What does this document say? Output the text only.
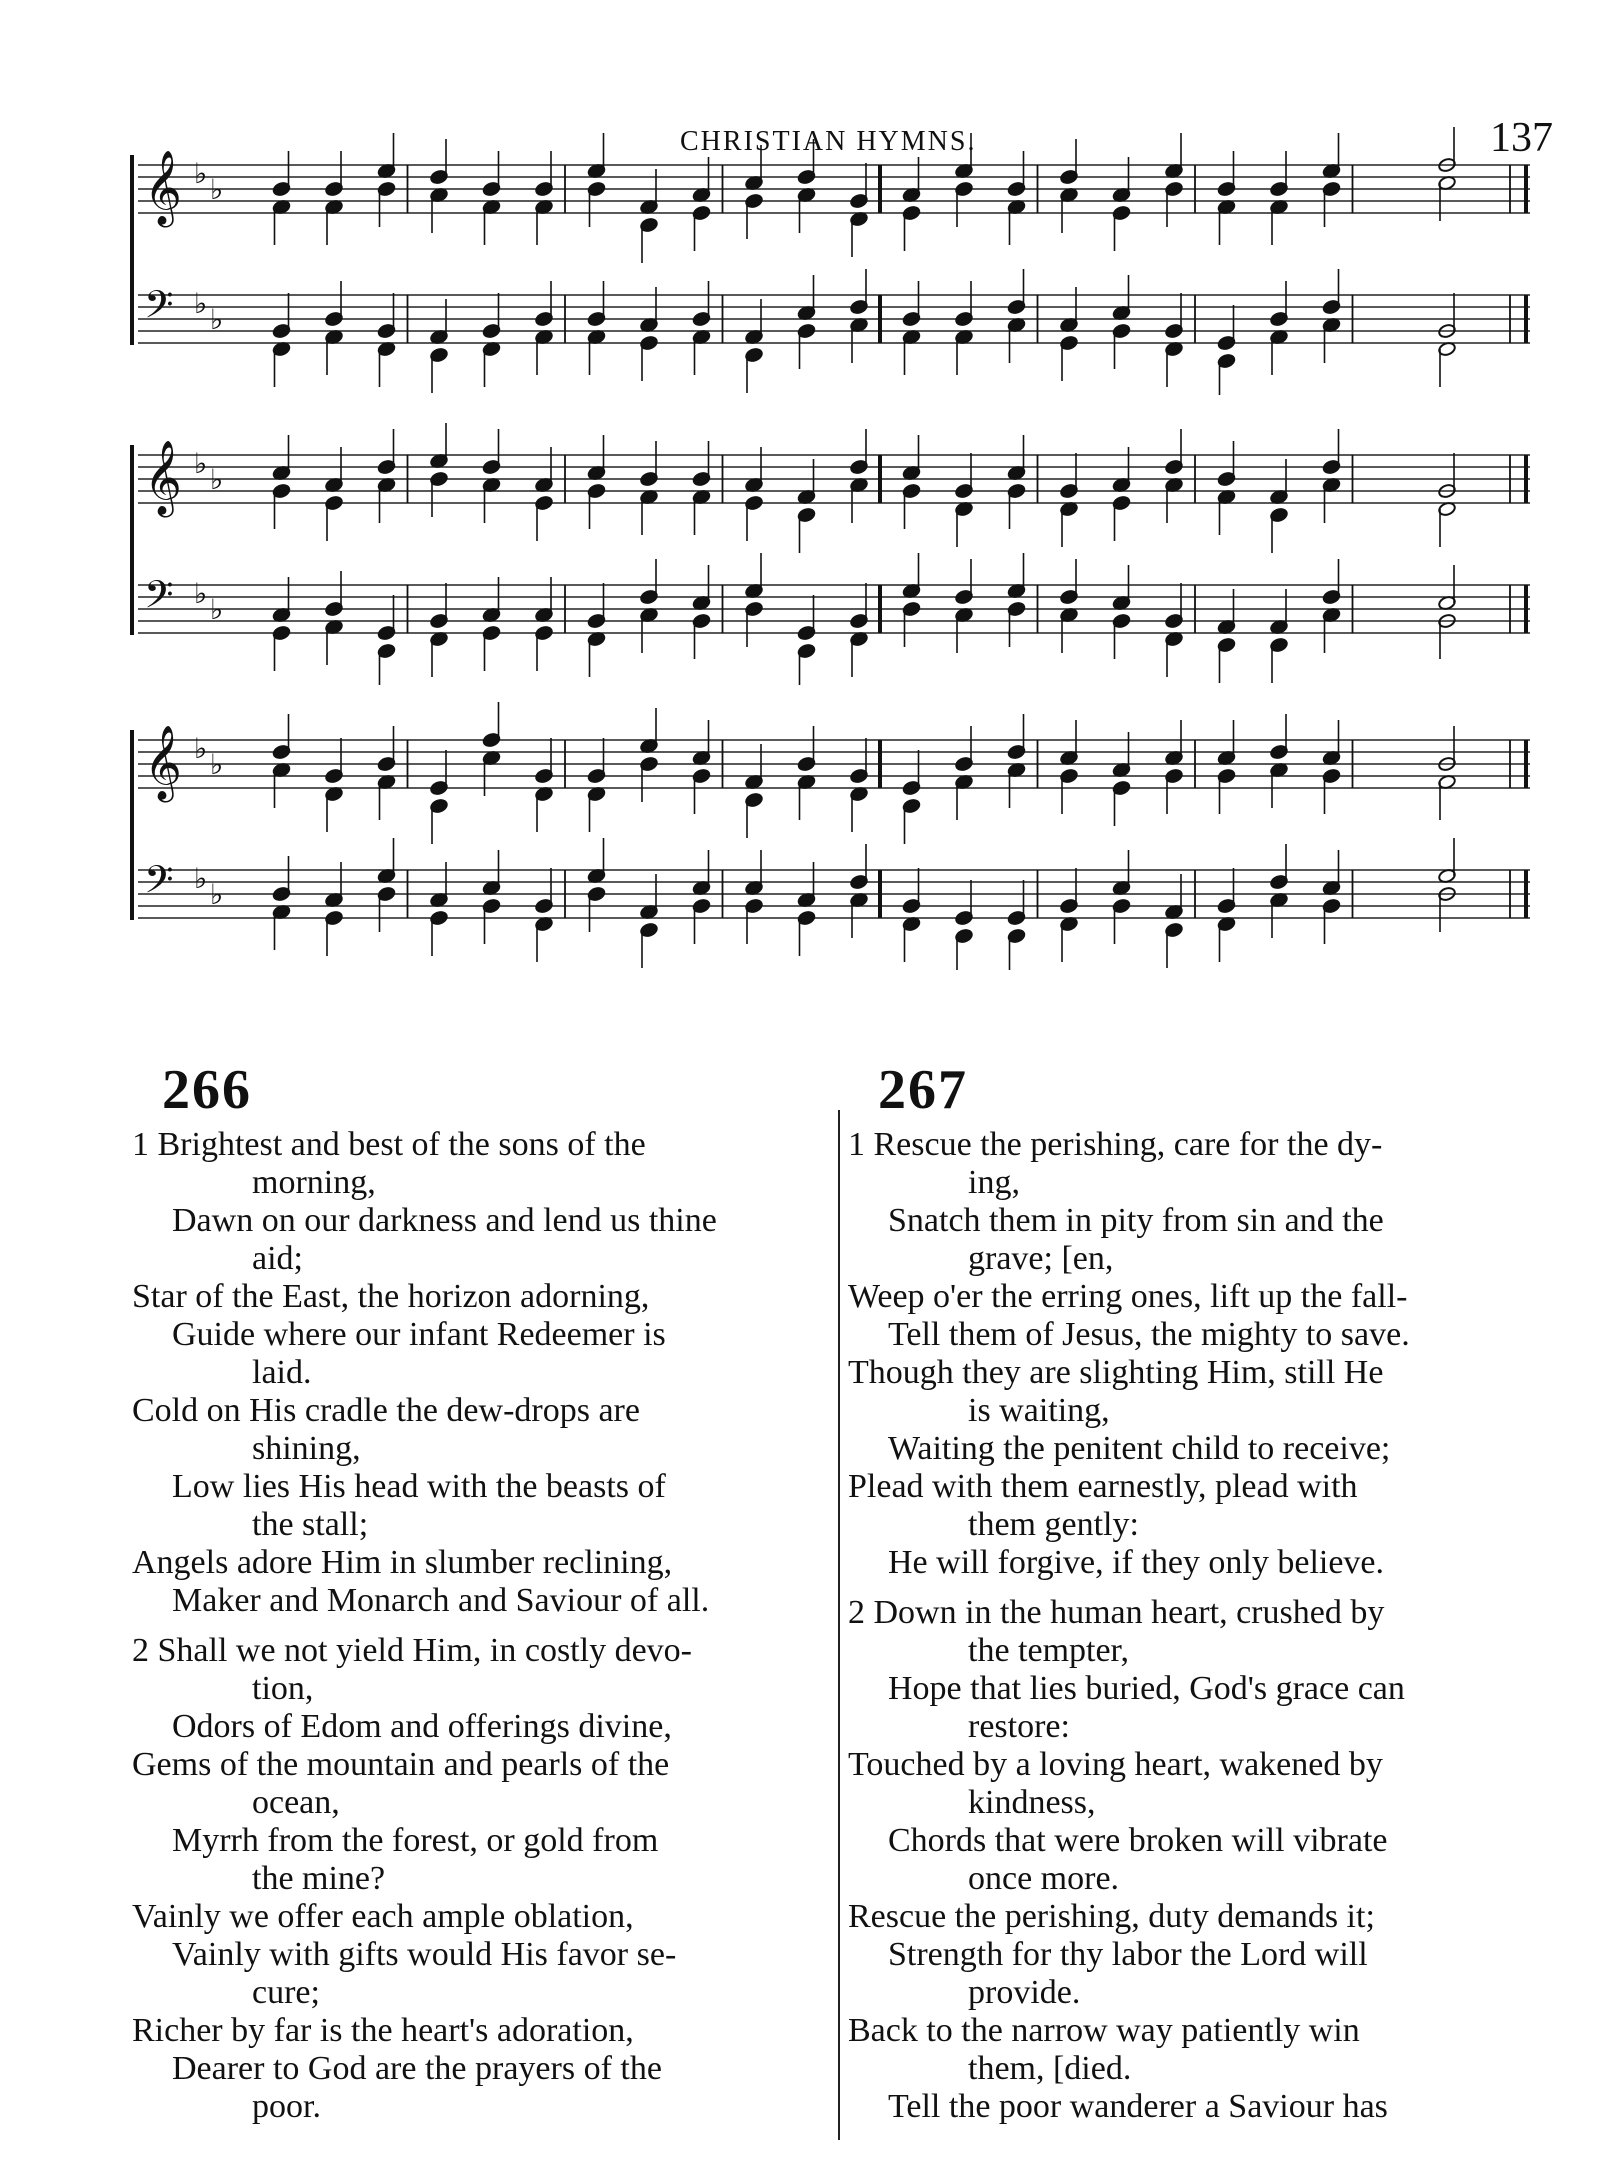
CHRISTIAN HYMNS.	137
𝄞 ♭ ♭
𝄢 ♭ ♭
𝄞 ♭ ♭
𝄢 ♭ ♭
𝄞 ♭ ♭
𝄢 ♭ ♭
266
1 Brightest and best of the sons of the
morning,
Dawn on our darkness and lend us thine
aid;
Star of the East, the horizon adorning,
Guide where our infant Redeemer is
laid.
Cold on His cradle the dew-drops are
shining,
Low lies His head with the beasts of
the stall;
Angels adore Him in slumber reclining,
Maker and Monarch and Saviour of all.
2 Shall we not yield Him, in costly devo-
tion,
Odors of Edom and offerings divine,
Gems of the mountain and pearls of the
ocean,
Myrrh from the forest, or gold from
the mine?
Vainly we offer each ample oblation,
Vainly with gifts would His favor se-
cure;
Richer by far is the heart's adoration,
Dearer to God are the prayers of the
poor.
267
1 Rescue the perishing, care for the dy-
ing,
Snatch them in pity from sin and the
grave; [en,
Weep o'er the erring ones, lift up the fall-
Tell them of Jesus, the mighty to save.
Though they are slighting Him, still He
is waiting,
Waiting the penitent child to receive;
Plead with them earnestly, plead with
them gently:
He will forgive, if they only believe.
2 Down in the human heart, crushed by
the tempter,
Hope that lies buried, God's grace can
restore:
Touched by a loving heart, wakened by
kindness,
Chords that were broken will vibrate
once more.
Rescue the perishing, duty demands it;
Strength for thy labor the Lord will
provide.
Back to the narrow way patiently win
them, [died.
Tell the poor wanderer a Saviour has
